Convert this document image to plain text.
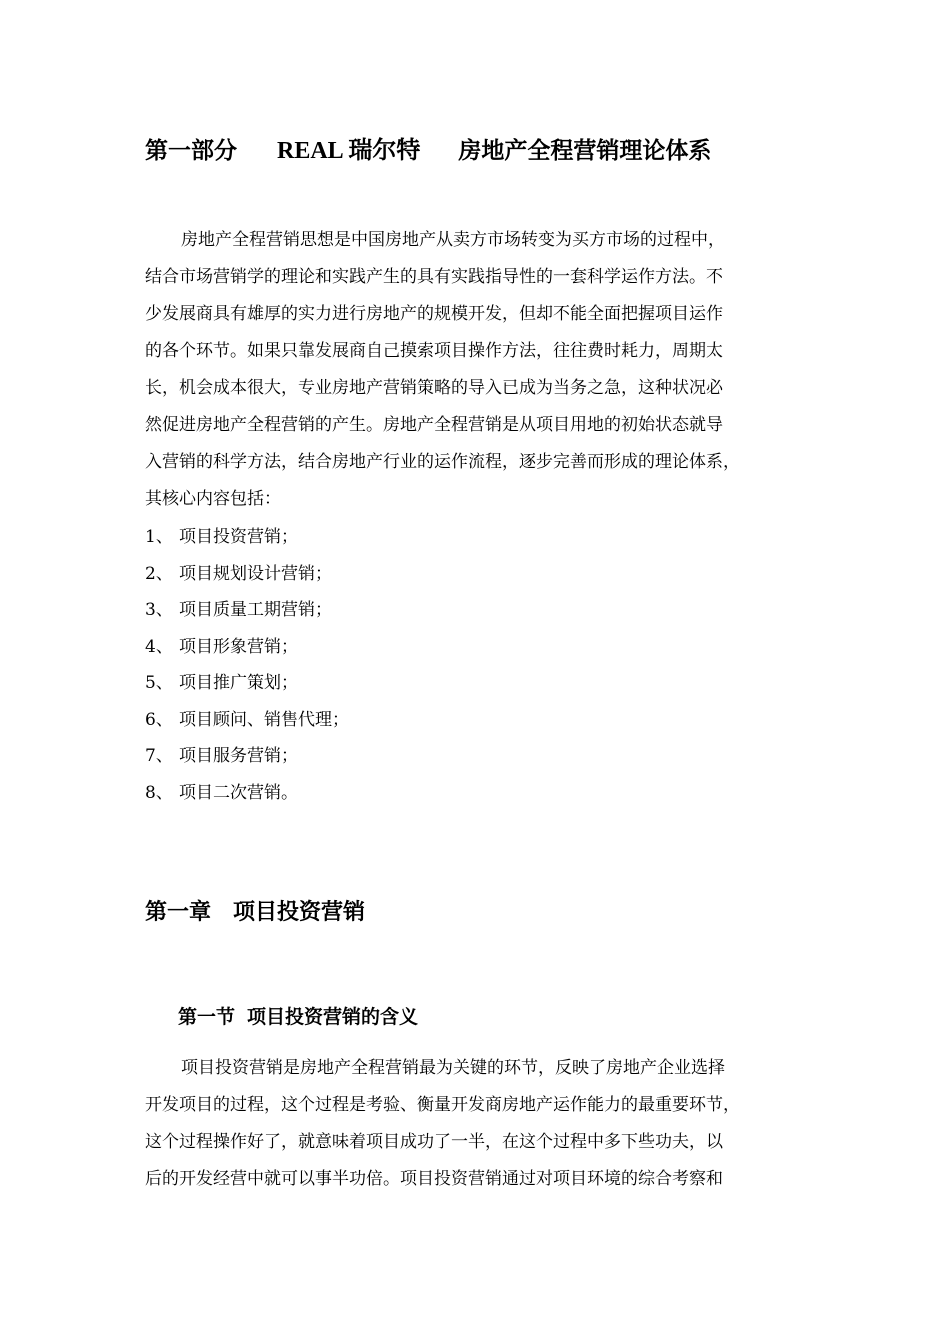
第一部分 REAL 瑞尔特 房地产全程营销理论体系
房地产全程营销思想是中国房地产从卖方市场转变为买方市场的过程中，
结合市场营销学的理论和实践产生的具有实践指导性的一套科学运作方法。不
少发展商具有雄厚的实力进行房地产的规模开发，但却不能全面把握项目运作
的各个环节。如果只靠发展商自己摸索项目操作方法，往往费时耗力，周期太
长，机会成本很大，专业房地产营销策略的导入已成为当务之急，这种状况必
然促进房地产全程营销的产生。房地产全程营销是从项目用地的初始状态就导
入营销的科学方法，结合房地产行业的运作流程，逐步完善而形成的理论体系，
其核心内容包括：
1、 项目投资营销；
2、 项目规划设计营销；
3、 项目质量工期营销；
4、 项目形象营销；
5、 项目推广策划；
6、 项目顾问、销售代理；
7、 项目服务营销；
8、 项目二次营销。
第一章 项目投资营销
第一节 项目投资营销的含义
项目投资营销是房地产全程营销最为关键的环节，反映了房地产企业选择
开发项目的过程，这个过程是考验、衡量开发商房地产运作能力的最重要环节，
这个过程操作好了，就意味着项目成功了一半，在这个过程中多下些功夫，以
后的开发经营中就可以事半功倍。项目投资营销通过对项目环境的综合考察和
